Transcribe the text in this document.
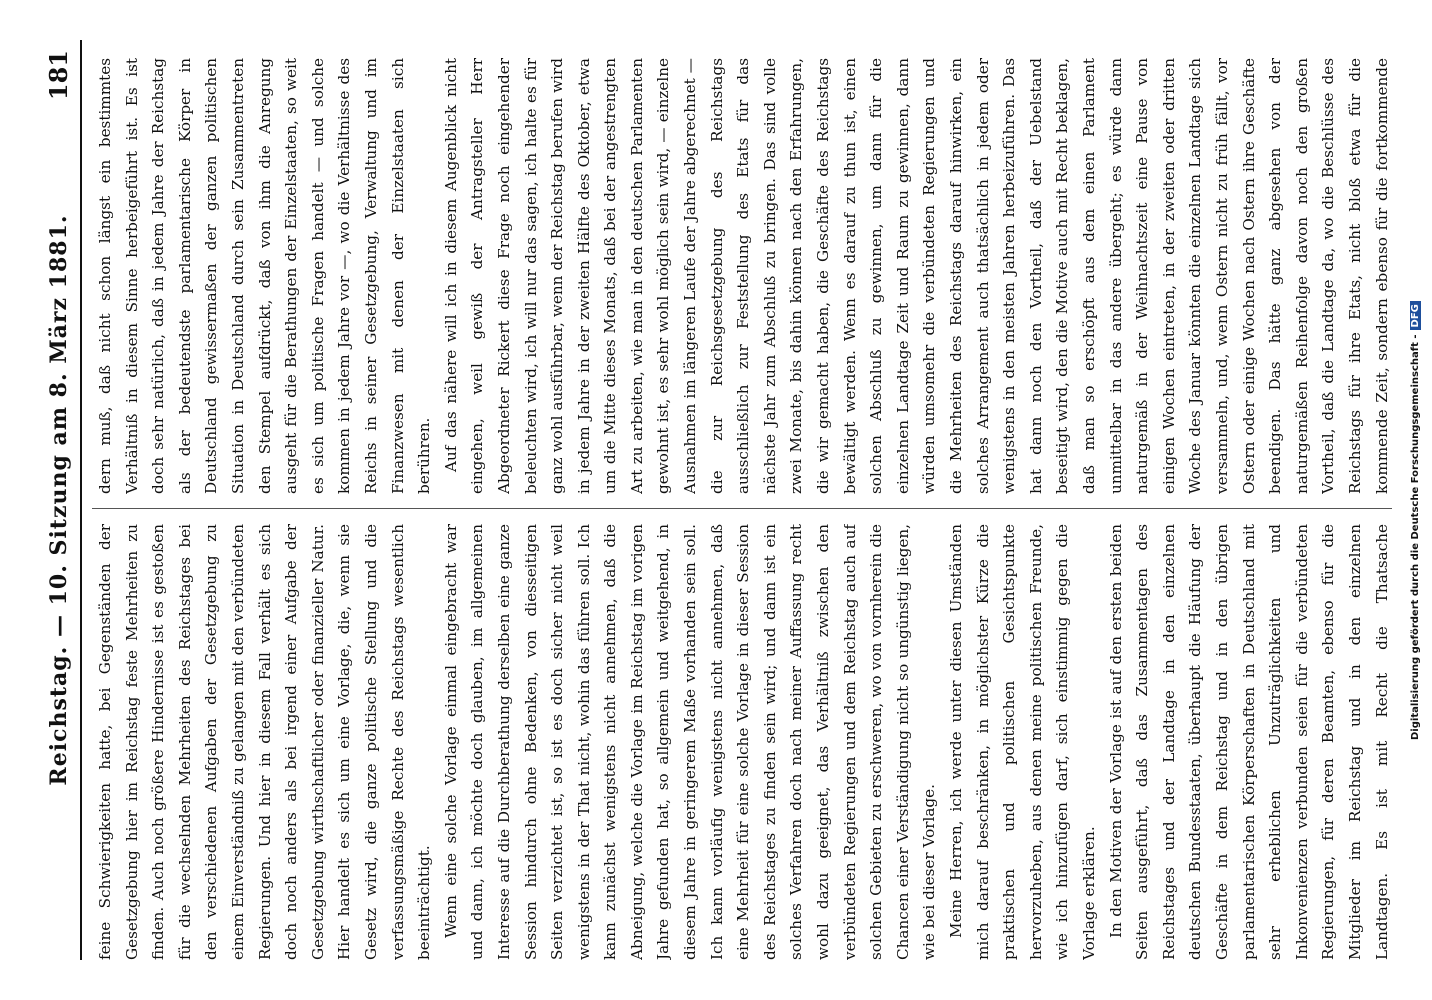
Reichstag. — 10. Sitzung am 8. März 1881.
181

feine Schwierigkeiten hatte, bei Gegenständen der Gesetzgebung hier im Reichstag feste Mehrheiten zu finden. Auch noch größere Hindernisse ist es gestoßen für die wechselnden Mehrheiten des Reichstages bei den verschiedenen Aufgaben der Gesetzgebung zu einem Einverständniß zu gelangen mit den verbündeten Regierungen. Und hier in diesem Fall verhält es sich doch noch anders als bei irgend einer Aufgabe der Gesetzgebung wirthschaftlicher oder finanzieller Natur. Hier handelt es sich um eine Vorlage, die, wenn sie Gesetz wird, die ganze politische Stellung und die verfassungsmäßige Rechte des Reichstags wesentlich beeinträchtigt. Wenn eine solche Vorlage einmal eingebracht war und dann, ich möchte doch glauben, im allgemeinen Interesse auf die Durchberathung derselben eine ganze Session hindurch ohne Bedenken, von diesseitigen Seiten verzichtet ist, so ist es doch sicher nicht weil wenigstens in der That nicht, wohin das führen soll. Ich kann zunächst wenigstens nicht annehmen, daß die Abneigung, welche die Vorlage im Reichstag im vorigen Jahre gefunden hat, so allgemein und weitgehend, in diesem Jahre in geringerem Maße vorhanden sein soll. Ich kann vorläufig wenigstens nicht annehmen, daß eine Mehrheit für eine solche Vorlage in dieser Session des Reichstages zu finden sein wird; und dann ist ein solches Verfahren doch nach meiner Auffassung recht wohl dazu geeignet, das Verhältniß zwischen den verbündeten Regierungen und dem Reichstag auch auf solchen Gebieten zu erschweren, wo von vornherein die Chancen einer Verständigung nicht so ungünstig liegen, wie bei dieser Vorlage. Meine Herren, ich werde unter diesen Umständen mich darauf beschränken, in möglichster Kürze die praktischen und politischen Gesichtspunkte hervorzuheben, aus denen meine politischen Freunde, wie ich hinzufügen darf, sich einstimmig gegen die Vorlage erklären. In den Motiven der Vorlage ist auf den ersten beiden Seiten ausgeführt, daß das Zusammentagen des Reichstages und der Landtage in den einzelnen deutschen Bundesstaaten, überhaupt die Häufung der Geschäfte in dem Reichstag und in den übrigen parlamentarischen Körperschaften in Deutschland mit sehr erheblichen Unzuträglichkeiten und Inkonvenienzen verbunden seien für die verbündeten Regierungen, für deren Beamten, ebenso für die Mitglieder im Reichstag und in den einzelnen Landtagen. Es ist mit Recht die Thatsache

dern muß, daß nicht schon längst ein bestimmtes Verhältniß in diesem Sinne herbeigeführt ist. Es ist doch sehr natürlich, daß in jedem Jahre der Reichstag als der bedeutendste parlamentarische Körper in Deutschland gewissermaßen der ganzen politischen Situation in Deutschland durch sein Zusammentreten den Stempel aufdrückt, daß von ihm die Anregung ausgeht für die Berathungen der Einzelstaaten, so weit es sich um politische Fragen handelt — und solche kommen in jedem Jahre vor —, wo die Verhältnisse des Reichs in seiner Gesetzgebung, Verwaltung und im Finanzwesen mit denen der Einzelstaaten sich berühren. Auf das nähere will ich in diesem Augenblick nicht eingehen, weil gewiß der Antragsteller Herr Abgeordneter Rickert diese Frage noch eingehender beleuchten wird, ich will nur das sagen, ich halte es für ganz wohl ausführbar, wenn der Reichstag berufen wird in jedem Jahre in der zweiten Hälfte des Oktober, etwa um die Mitte dieses Monats, daß bei der angestrengten Art zu arbeiten, wie man in den deutschen Parlamenten gewohnt ist, es sehr wohl möglich sein wird, — einzelne Ausnahmen im längeren Laufe der Jahre abgerechnet — die zur Reichsgesetzgebung des Reichstags ausschließlich zur Feststellung des Etats für das nächste Jahr zum Abschluß zu bringen. Das sind volle zwei Monate, bis dahin können nach den Erfahrungen, die wir gemacht haben, die Geschäfte des Reichstags bewältigt werden. Wenn es darauf zu thun ist, einen solchen Abschluß zu gewinnen, um dann für die einzelnen Landtage Zeit und Raum zu gewinnen, dann würden umsomehr die verbündeten Regierungen und die Mehrheiten des Reichstags darauf hinwirken, ein solches Arrangement auch thatsächlich in jedem oder wenigstens in den meisten Jahren herbeizuführen. Das hat dann noch den Vortheil, daß der Uebelstand beseitigt wird, den die Motive auch mit Recht beklagen, daß man so erschöpft aus dem einen Parlament unmittelbar in das andere übergeht; es würde dann naturgemäß in der Weihnachtszeit eine Pause von einigen Wochen eintreten, in der zweiten oder dritten Woche des Januar könnten die einzelnen Landtage sich versammeln, und, wenn Ostern nicht zu früh fällt, vor Ostern oder einige Wochen nach Ostern ihre Geschäfte beendigen. Das hätte ganz abgesehen von der naturgemäßen Reihenfolge davon noch den großen Vortheil, daß die Landtage da, wo die Beschlüsse des Reichstags für ihre Etats, nicht bloß etwa für die kommende Zeit, sondern ebenso für die fortkommende

Digitalisierung gefördert durch die Deutsche Forschungsgemeinschaft -DFG
